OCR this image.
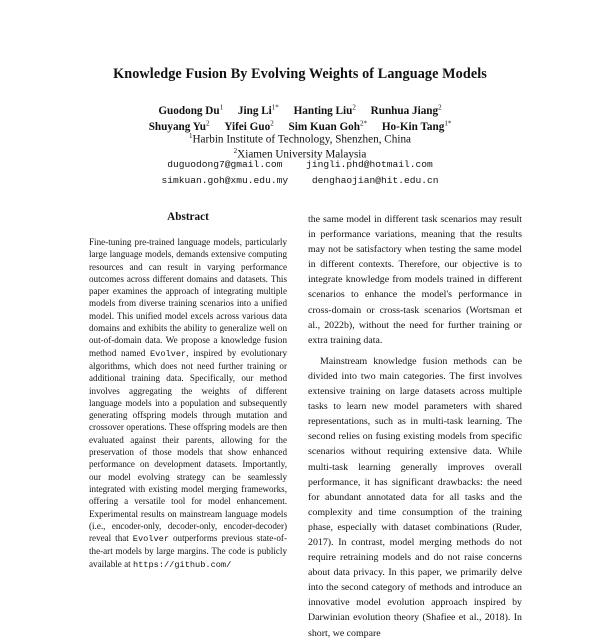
Knowledge Fusion By Evolving Weights of Language Models
Guodong Du$^1$ Jing $Li^{1*}$ Hanting Liu$^2$ Runhua Jiang$^2$
Shuyang Yu$^2$ Yifei Guo$^2$ Sim Kuan Goh$^{2*}$ Ho-Kin Tang$^{1*}$
$^1$Harbin Institute of Technology, Shenzhen, China
$^2$Xiamen University Malaysia
duguodong7@gmail.com jingli.phd@hotmail.com
simkuan.goh@xmu.edu.my denghaojian@hit.edu.cn
Abstract
Fine-tuning pre-trained language models, particularly large language models, demands extensive computing resources and can result in varying performance outcomes across different domains and datasets. This paper examines the approach of integrating multiple models from diverse training scenarios into a unified model. This unified model excels across various data domains and exhibits the ability to generalize well on out-of-domain data. We propose a knowledge fusion method named Evolver, inspired by evolutionary algorithms, which does not need further training or additional training data. Specifically, our method involves aggregating the weights of different language models into a population and subsequently generating offspring models through mutation and crossover operations. These offspring models are then evaluated against their parents, allowing for the preservation of those models that show enhanced performance on development datasets. Importantly, our model evolving strategy can be seamlessly integrated with existing model merging frameworks, offering a versatile tool for model enhancement. Experimental results on mainstream language models (i.e., encoder-only, decoder-only, encoder-decoder) reveal that Evolver outperforms previous state-of-the-art models by large margins. The code is publicly available at https://github.com/

the same model in different task scenarios may result in performance variations, meaning that the results may not be satisfactory when testing the same model in different contexts. Therefore, our objective is to integrate knowledge from models trained in different scenarios to enhance the model's performance in cross-domain or cross-task scenarios (Wortsman et al., 2022b), without the need for further training or extra training data.

Mainstream knowledge fusion methods can be divided into two main categories. The first involves extensive training on large datasets across multiple tasks to learn new model parameters with shared representations, such as in multi-task learning. The second relies on fusing existing models from specific scenarios without requiring extensive data. While multi-task learning generally improves overall performance, it has significant drawbacks: the need for abundant annotated data for all tasks and the complexity and time consumption of the training phase, especially with dataset combinations (Ruder, 2017). In contrast, model merging methods do not require retraining models and do not raise concerns about data privacy. In this paper, we primarily delve into the second category of methods and introduce an innovative model evolution approach inspired by Darwinian evolution theory (Shafiee et al., 2018). In short, we compare
